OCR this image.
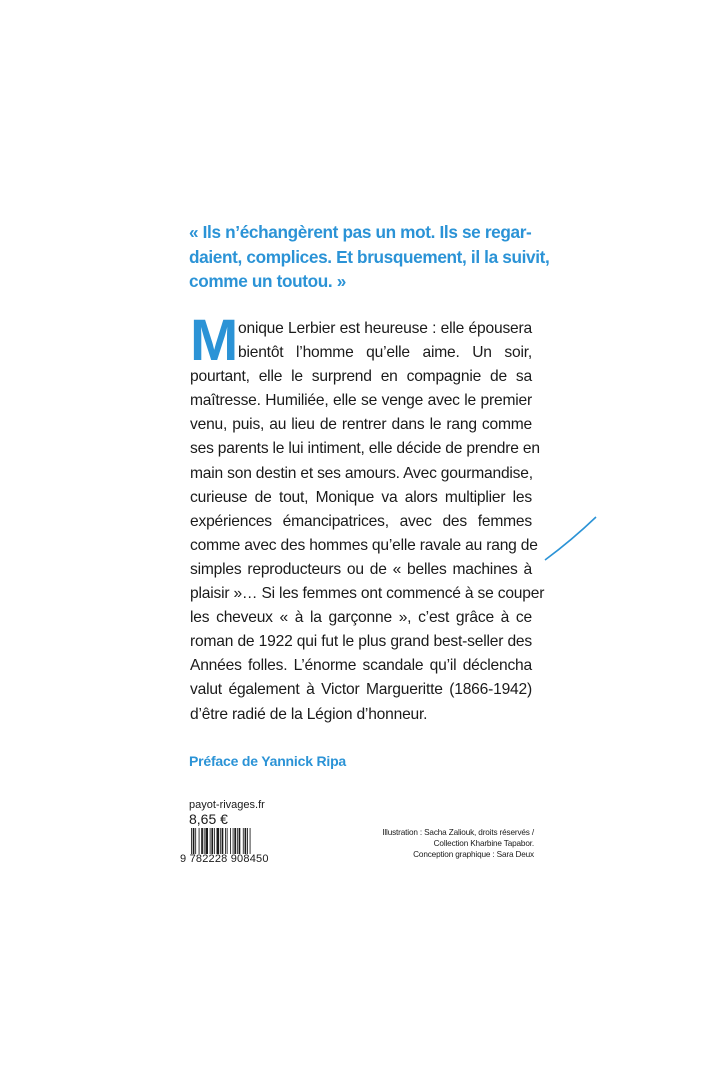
« Ils n’échangèrent pas un mot. Ils se regar-
daient, complices. Et brusquement, il la suivit,
comme un toutou. »
M onique Lerbier est heureuse : elle épousera
bientôt l’homme qu’elle aime. Un soir,
pourtant, elle le surprend en compagnie de sa
maîtresse. Humiliée, elle se venge avec le premier
venu, puis, au lieu de rentrer dans le rang comme
ses parents le lui intiment, elle décide de prendre en
main son destin et ses amours. Avec gourmandise,
curieuse de tout, Monique va alors multiplier les
expériences émancipatrices, avec des femmes
comme avec des hommes qu’elle ravale au rang de
simples reproducteurs ou de « belles machines à
plaisir »… Si les femmes ont commencé à se couper
les cheveux « à la garçonne », c’est grâce à ce
roman de 1922 qui fut le plus grand best-seller des
Années folles. L’énorme scandale qu’il déclencha
valut également à Victor Margueritte (1866-1942)
d’être radié de la Légion d’honneur.
Préface de Yannick Ripa
payot-rivages.fr
8,65 €
9 782228 908450
Illustration : Sacha Zaliouk, droits réservés /
Collection Kharbine Tapabor.
Conception graphique : Sara Deux
